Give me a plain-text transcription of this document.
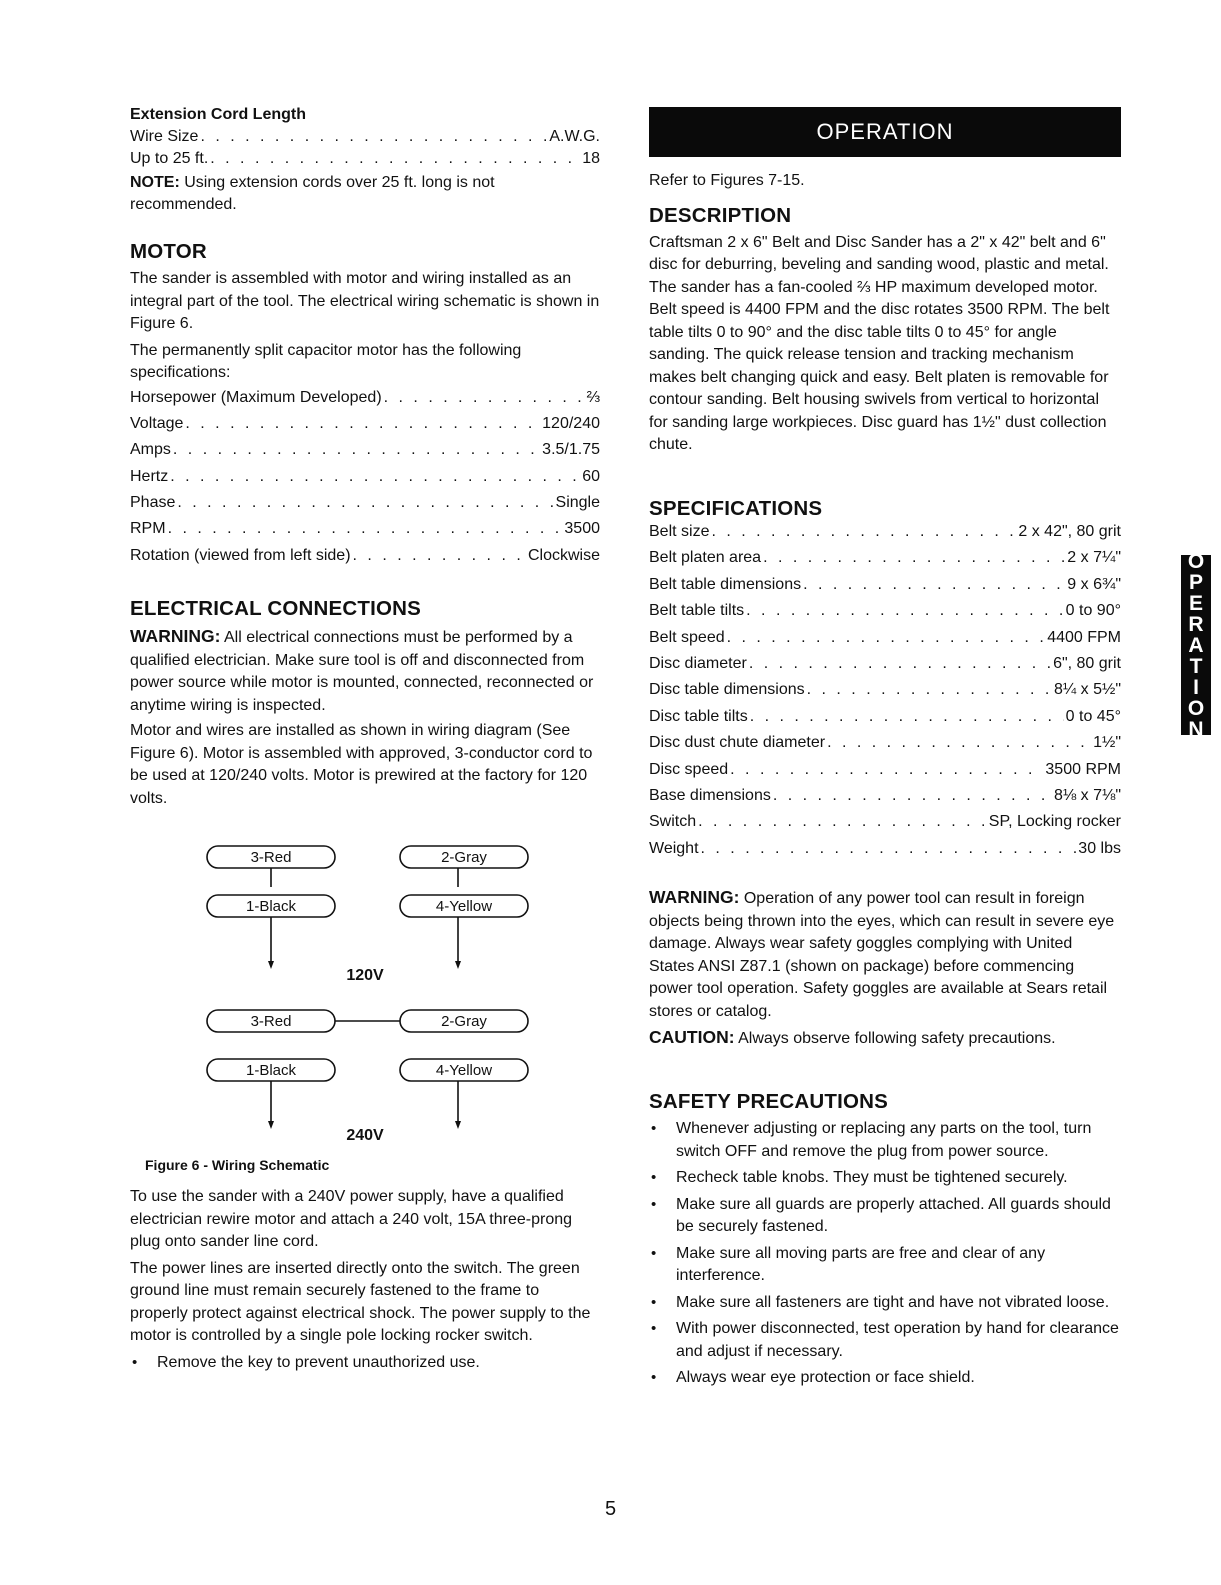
Extension Cord Length
Wire Size . . .	A.W.G.
Up to 25 ft. . . .	18

NOTE: Using extension cords over 25 ft. long is not recommended.

MOTOR

The sander is assembled with motor and wiring installed as an integral part of the tool. The electrical wiring schematic is shown in Figure 6.

The permanently split capacitor motor has the following specifications:

Horsepower (Maximum Developed) . . .	⅔
Voltage . . .	120/240
Amps . . .	3.5/1.75
Hertz . . .	60
Phase . . .	Single
RPM . . .	3500
Rotation (viewed from left side) . . .	Clockwise
ELECTRICAL CONNECTIONS

WARNING: All electrical connections must be performed by a qualified electrician. Make sure tool is off and disconnected from power source while motor is mounted, connected, reconnected or anytime wiring is inspected.

Motor and wires are installed as shown in wiring diagram (See Figure 6). Motor is assembled with approved, 3-conductor cord to be used at 120/240 volts. Motor is prewired at the factory for 120 volts.

3-Red	2-Gray
1-Black	4-Yellow
120V
3-Red	2-Gray
1-Black	4-Yellow
240V
Figure 6 - Wiring Schematic

To use the sander with a 240V power supply, have a qualified electrician rewire motor and attach a 240 volt, 15A three-prong plug onto sander line cord.

The power lines are inserted directly onto the switch. The green ground line must remain securely fastened to the frame to properly protect against electrical shock. The power supply to the motor is controlled by a single pole locking rocker switch.

• Remove the key to prevent unauthorized use.
OPERATION

Refer to Figures 7-15.

DESCRIPTION

Craftsman 2 x 6" Belt and Disc Sander has a 2" x 42" belt and 6" disc for deburring, beveling and sanding wood, plastic and metal. The sander has a fan-cooled ⅔ HP maximum developed motor. Belt speed is 4400 FPM and the disc rotates 3500 RPM. The belt table tilts 0 to 90° and the disc table tilts 0 to 45° for angle sanding. The quick release tension and tracking mechanism makes belt changing quick and easy. Belt platen is removable for contour sanding. Belt housing swivels from vertical to horizontal for sanding large workpieces. Disc guard has 1½" dust collection chute.

SPECIFICATIONS
Belt size . . .	2 x 42", 80 grit
Belt platen area . . .	2 x 7¼"
Belt table dimensions . . .	9 x 6¾"
Belt table tilts . . .	0 to 90°
Belt speed . . .	4400 FPM
Disc diameter . . .	6", 80 grit
Disc table dimensions . . .	8¼ x 5½"
Disc table tilts . . .	0 to 45°
Disc dust chute diameter . . .	1½"
Disc speed . . .	3500 RPM
Base dimensions . . .	8⅛ x 7⅛"
Switch . . .	SP, Locking rocker
Weight . . .	30 lbs

WARNING: Operation of any power tool can result in foreign objects being thrown into the eyes, which can result in severe eye damage. Always wear safety goggles complying with United States ANSI Z87.1 (shown on package) before commencing power tool operation. Safety goggles are available at Sears retail stores or catalog.

CAUTION: Always observe following safety precautions.

SAFETY PRECAUTIONS
• Whenever adjusting or replacing any parts on the tool, turn switch OFF and remove the plug from power source.
• Recheck table knobs. They must be tightened securely.
• Make sure all guards are properly attached. All guards should be securely fastened.
• Make sure all moving parts are free and clear of any interference.
• Make sure all fasteners are tight and have not vibrated loose.
• With power disconnected, test operation by hand for clearance and adjust if necessary.
• Always wear eye protection or face shield.
O
P
E
R
A
T
I
O
N
5
